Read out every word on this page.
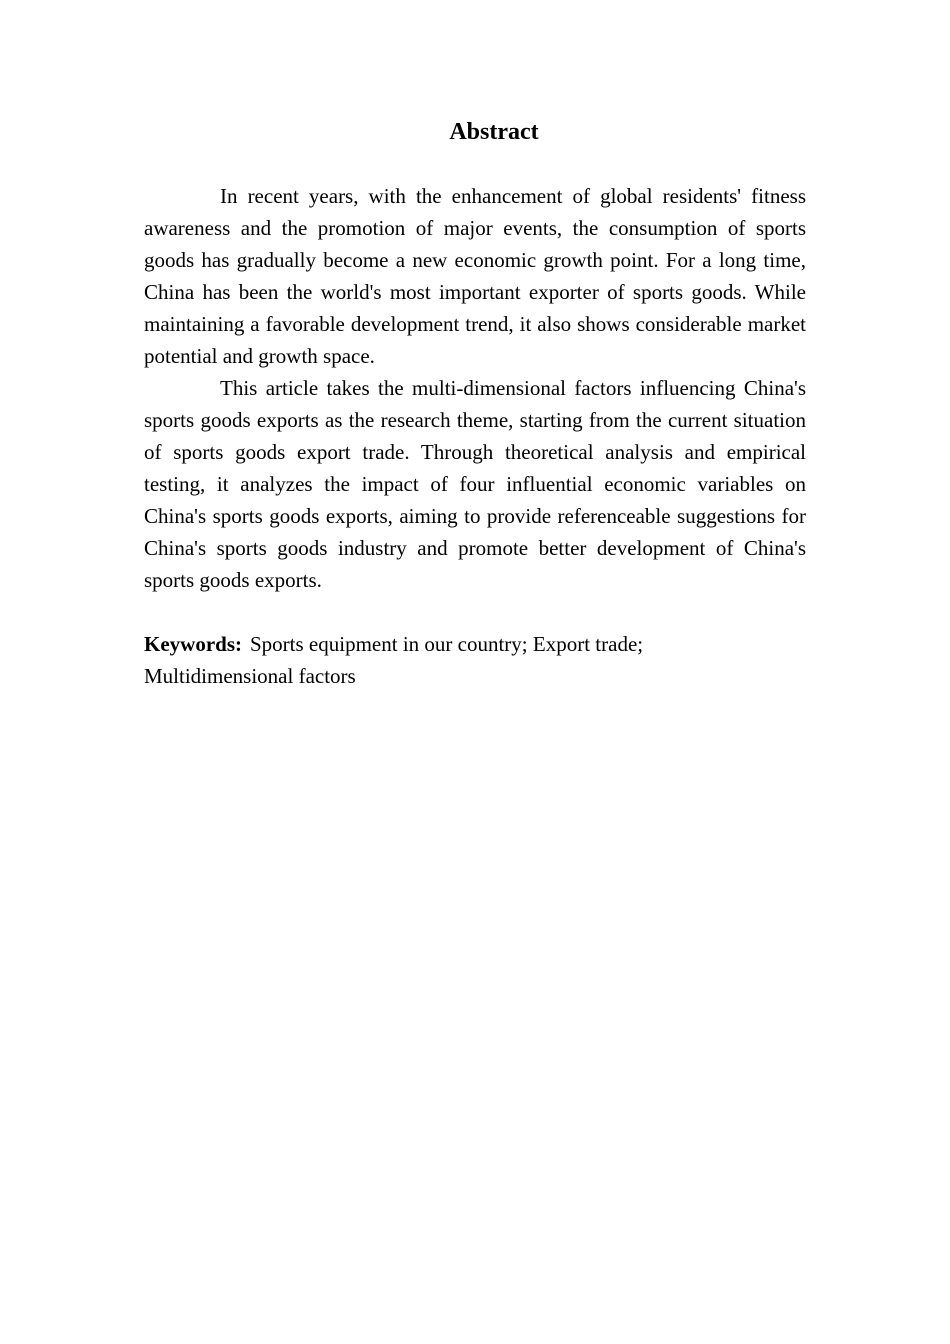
Abstract

In recent years, with the enhancement of global residents' fitness awareness and the promotion of major events, the consumption of sports goods has gradually become a new economic growth point. For a long time, China has been the world's most important exporter of sports goods. While maintaining a favorable development trend, it also shows considerable market potential and growth space.

This article takes the multi-dimensional factors influencing China's sports goods exports as the research theme, starting from the current situation of sports goods export trade. Through theoretical analysis and empirical testing, it analyzes the impact of four influential economic variables on China's sports goods exports, aiming to provide referenceable suggestions for China's sports goods industry and promote better development of China's sports goods exports.

Keywords: Sports equipment in our country; Export trade; Multidimensional factors
